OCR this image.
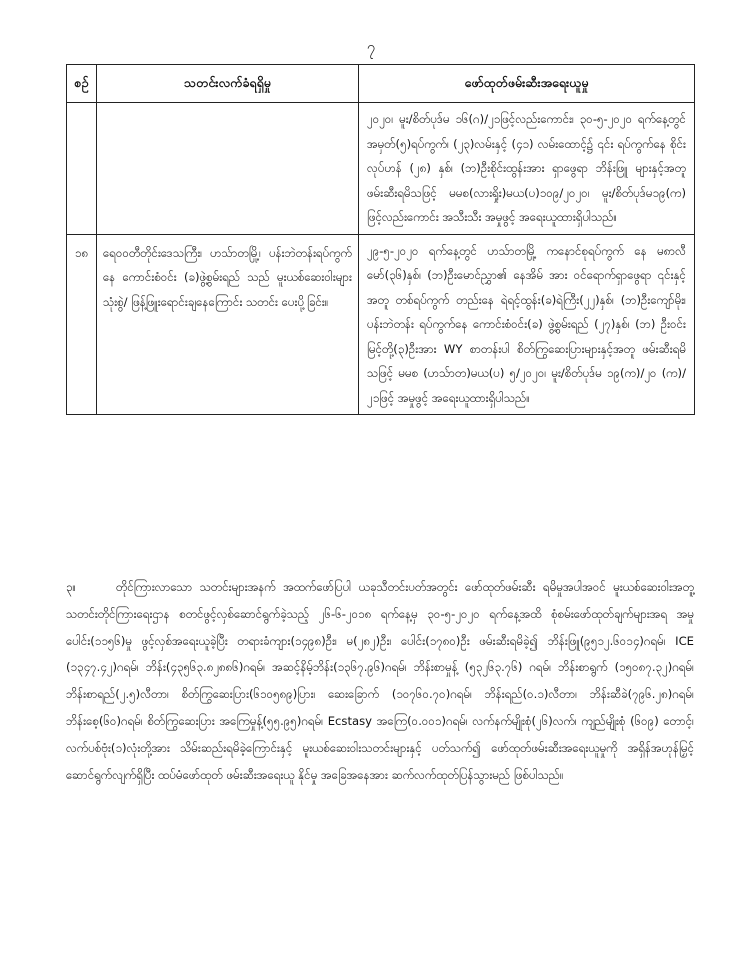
၇
စဉ်	သတင်းလက်ခံရရှိမှု	ဖော်ထုတ်ဖမ်းဆီးအရေးယူမှု
		၂၀၂၀၊ မူး/စိတ်ပုဒ်မ ၁၆(ဂ)/၂၁ဖြင့်လည်းကောင်း၊ ၃၀-၅-၂၀၂၀ ရက်နေ့တွင် အမှတ်(၅)ရပ်ကွက်၊ (၂၃)လမ်းနှင့် (၄၁) လမ်းထောင့်၌ ၎င်း ရပ်ကွက်နေ စိုင်းလုပ်ဟန် (၂၈) နှစ်၊ (ဘ)ဦးစိုင်းထွန်းအား ရှာဖွေရာ ဘိန်းဖြူ များနှင့်အတူ ဖမ်းဆီးရမိသဖြင့် မမစ(လားရှိုး)မယ(ပ)၁၀၉/၂၀၂၀၊ မူး/စိတ်ပုဒ်မ၁၉(က) ဖြင့်လည်းကောင်း အသီးသီး အမှုဖွင့် အရေးယူထားရှိပါသည်။
၁၈	ရေဝ၀တီတိုင်းဒေသကြီး၊ ဟသ်ာတမြို့၊ ပန်းဘဲတန်းရပ်ကွက်နေ ကောင်းစံဝင်း (ခ)ဖွဲ့စွမ်းရည် သည် မူးယစ်ဆေးဝါးများ သုံးစွဲ/ ဖြန့်ဖြူးရောင်းချနေကြောင်း သတင်း ပေးပို့ခြင်း။	၂၉-၅-၂၀၂၀ ရက်နေ့တွင် ဟသ်ာတမြို့ ကနောင်စုရပ်ကွက် နေ မ၈ာလီမော်(၃၆)နှစ်၊ (ဘ)ဦးမောင်ညွှာ၏ နေအိမ် အား ဝင်ရောက်ရှာဖွေရာ ၎င်းနှင့်အတူ တစ်ရပ်ကွက် တည်းနေ ရဲရင့်ထွန်း(ခ)ရဲကြီး(၂၂)နှစ်၊ (ဘ)ဦးကျော်မိုး၊ ပန်းဘဲတန်း ရပ်ကွက်နေ ကောင်းစံဝင်း(ခ) ဖွဲ့စွမ်းရည် (၂၇)နှစ်၊ (ဘ) ဦးဝင်းမြင့်တို့(၃)ဦးအား WY စာတန်းပါ စိတ်ကြွဆေးပြားများနှင့်အတူ ဖမ်းဆီးရမိသဖြင့် မမစ (ဟသ်ာတ)မယ(ပ) ၅/၂၀၂၀၊ မူး/စိတ်ပုဒ်မ ၁၉(က)/၂၀ (က)/၂၁ဖြင့် အမှုဖွင့် အရေးယူထားရှိပါသည်။
၃။	တိုင်ကြားလာသော သတင်းများအနက် အထက်ဖော်ပြပါ ယခုသီတင်းပတ်အတွင်း ဖော်ထုတ်ဖမ်းဆီး ရမိမှုအပါအဝင် မူးယစ်ဆေးဝါးအတူ့သတင်းတိုင်ကြားရေးဌာန စတင်ဖွင့်လှစ်ဆောင်ရွက်ခဲ့သည့် ၂၆-၆-၂၀၁၈ ရက်နေ့မှ ၃၀-၅-၂၀၂၀ ရက်နေ့အထိ စုံစမ်းဖော်ထုတ်ချက်များအရ အမှုပေါင်း(၁၁၅၆)မှု ဖွင့်လှစ်အရေးယူခဲ့ပြီး တရားခံကျား(၁၄၉၈)ဦး၊ မ(၂၈၂)ဦး၊ ပေါင်း(၁၇၈၀)ဦး ဖမ်းဆီးရမိခဲ့၍ ဘိန်းဖြူ(၉၅၁၂.၆၀၁၄)ဂရမ်၊ ICE (၁၃၄၇.၄၂)ဂရမ်၊ ဘိန်း(၄၃၅၆၃.၈၂၈၈၆)ဂရမ်၊ အဆင့်နိမ့်ဘိန်း(၁၃၆၇.၉၆)ဂရမ်၊ ဘိန်းစာမှုန့် (၅၃၂၆၃.၇၆) ဂရမ်၊ ဘိန်းစာရွက် (၁၅၀၈၇.၃၂)ဂရမ်၊ ဘိန်းစာရည်(၂.၅)လီတာ၊ စိတ်ကြွဆေးပြား(၆၁၀၅၈၉)ပြား၊ ဆေးခြောက် (၁၀၇၆၀.၇၀)ဂရမ်၊ ဘိန်းရည်(၀.၁)လီတာ၊ ဘိန်းဆီခဲ(၇၉၆.၂၈)ဂရမ်၊ ဘိန်းစေ့(၆၀)ဂရမ်၊ စိတ်ကြွဆေးပြား အကြေမှုန့်(၅၅.၉၅)ဂရမ်၊ Ecstasy အကြေ(၀.၀၀၁)ဂရမ်၊ လက်နက်မျိုးစုံ(၂၆)လက်၊ ကျည်မျိုးစုံ (၆၀၉) တောင့်၊ လက်ပစ်ဗုံး(၁)လုံးတို့အား သိမ်းဆည်းရမိခဲ့ကြောင်းနှင့် မူးယစ်ဆေးဝါးသတင်းများနှင့် ပတ်သက်၍ ဖော်ထုတ်ဖမ်းဆီးအရေးယူမှုကို အရှိန်အဟုန်မြှင့် ဆောင်ရွက်လျက်ရှိပြီး ထပ်မံဖော်ထုတ် ဖမ်းဆီးအရေးယူ နိုင်မှု အခြေအနေအား ဆက်လက်ထုတ်ပြန်သွားမည် ဖြစ်ပါသည်။
